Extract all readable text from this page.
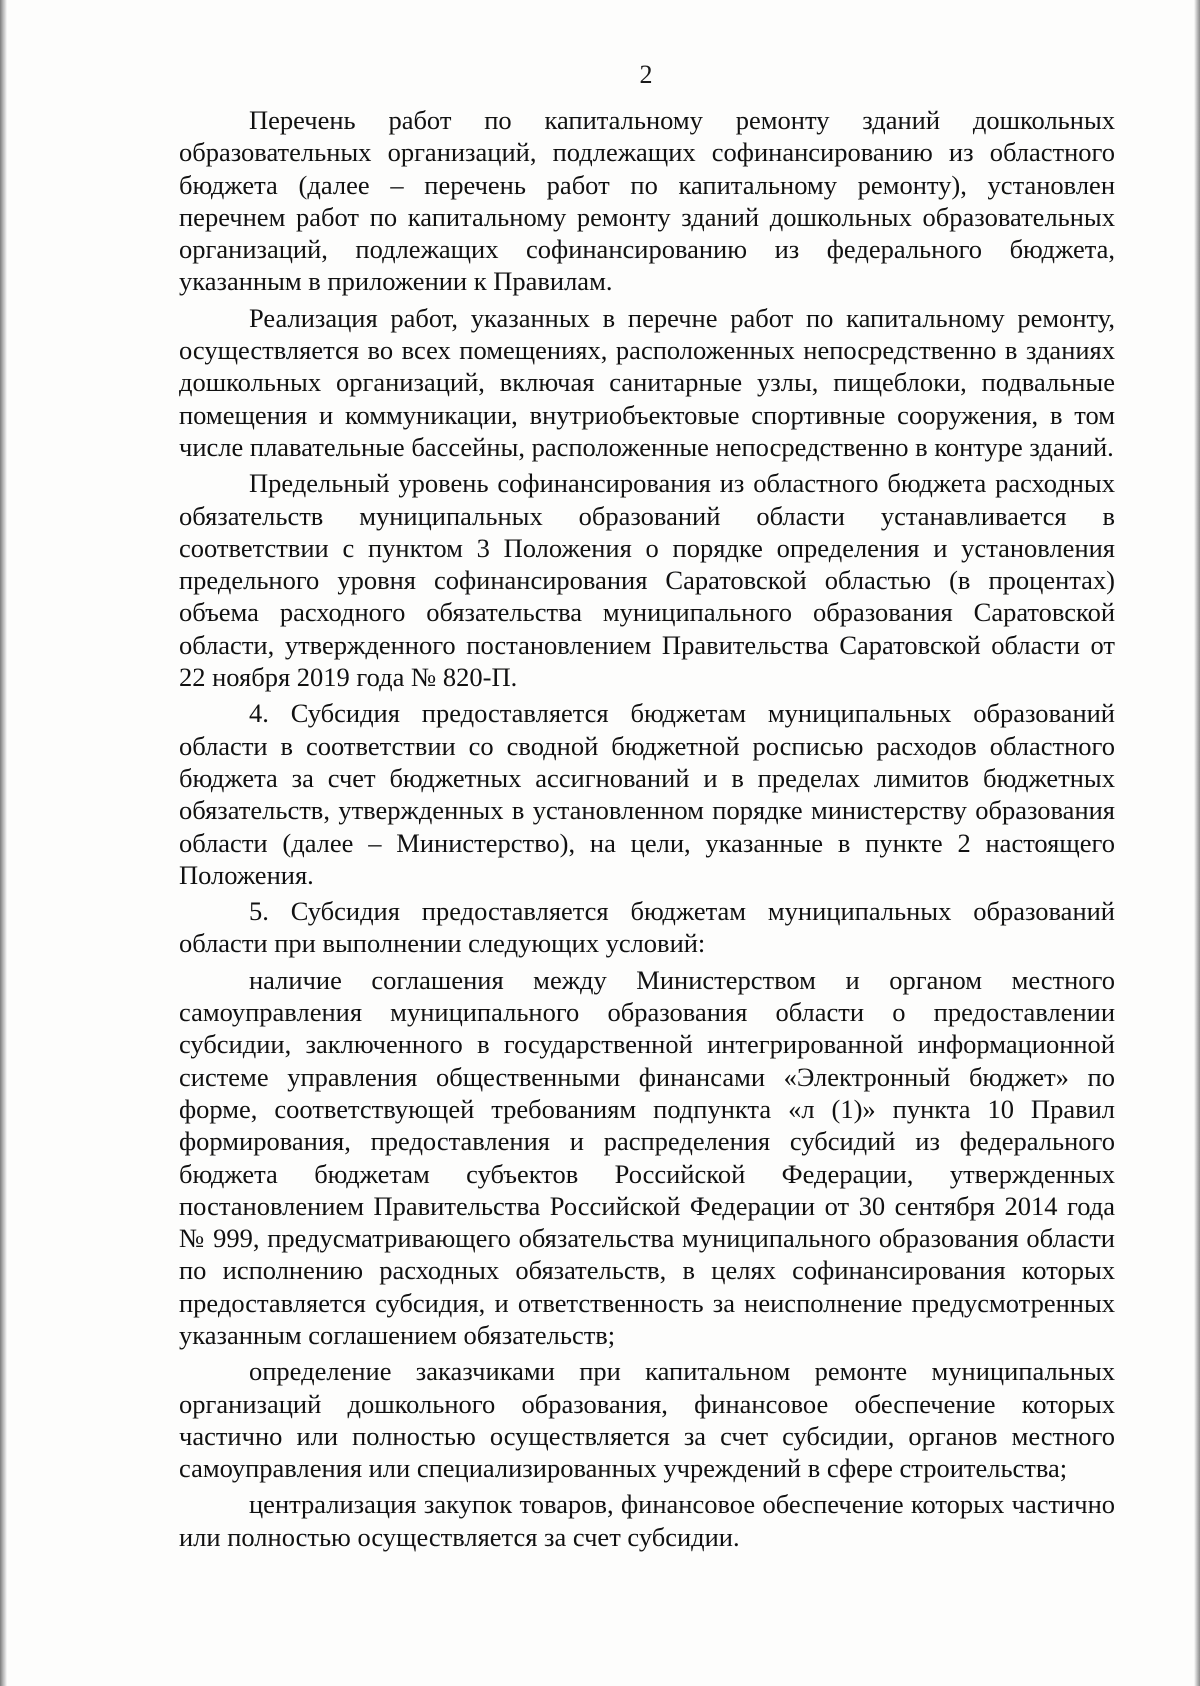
2

Перечень работ по капитальному ремонту зданий дошкольных образовательных организаций, подлежащих софинансированию из областного бюджета (далее – перечень работ по капитальному ремонту), установлен перечнем работ по капитальному ремонту зданий дошкольных образовательных организаций, подлежащих софинансированию из федерального бюджета, указанным в приложении к Правилам.

Реализация работ, указанных в перечне работ по капитальному ремонту, осуществляется во всех помещениях, расположенных непосредственно в зданиях дошкольных организаций, включая санитарные узлы, пищеблоки, подвальные помещения и коммуникации, внутриобъектовые спортивные сооружения, в том числе плавательные бассейны, расположенные непосредственно в контуре зданий.

Предельный уровень софинансирования из областного бюджета расходных обязательств муниципальных образований области устанавливается в соответствии с пунктом 3 Положения о порядке определения и установления предельного уровня софинансирования Саратовской областью (в процентах) объема расходного обязательства муниципального образования Саратовской области, утвержденного постановлением Правительства Саратовской области от 22 ноября 2019 года № 820-П.

4. Субсидия предоставляется бюджетам муниципальных образований области в соответствии со сводной бюджетной росписью расходов областного бюджета за счет бюджетных ассигнований и в пределах лимитов бюджетных обязательств, утвержденных в установленном порядке министерству образования области (далее – Министерство), на цели, указанные в пункте 2 настоящего Положения.

5. Субсидия предоставляется бюджетам муниципальных образований области при выполнении следующих условий:

наличие соглашения между Министерством и органом местного самоуправления муниципального образования области о предоставлении субсидии, заключенного в государственной интегрированной информационной системе управления общественными финансами «Электронный бюджет» по форме, соответствующей требованиям подпункта «л (1)» пункта 10 Правил формирования, предоставления и распределения субсидий из федерального бюджета бюджетам субъектов Российской Федерации, утвержденных постановлением Правительства Российской Федерации от 30 сентября 2014 года № 999, предусматривающего обязательства муниципального образования области по исполнению расходных обязательств, в целях софинансирования которых предоставляется субсидия, и ответственность за неисполнение предусмотренных указанным соглашением обязательств;

определение заказчиками при капитальном ремонте муниципальных организаций дошкольного образования, финансовое обеспечение которых частично или полностью осуществляется за счет субсидии, органов местного самоуправления или специализированных учреждений в сфере строительства;

централизация закупок товаров, финансовое обеспечение которых частично или полностью осуществляется за счет субсидии.
